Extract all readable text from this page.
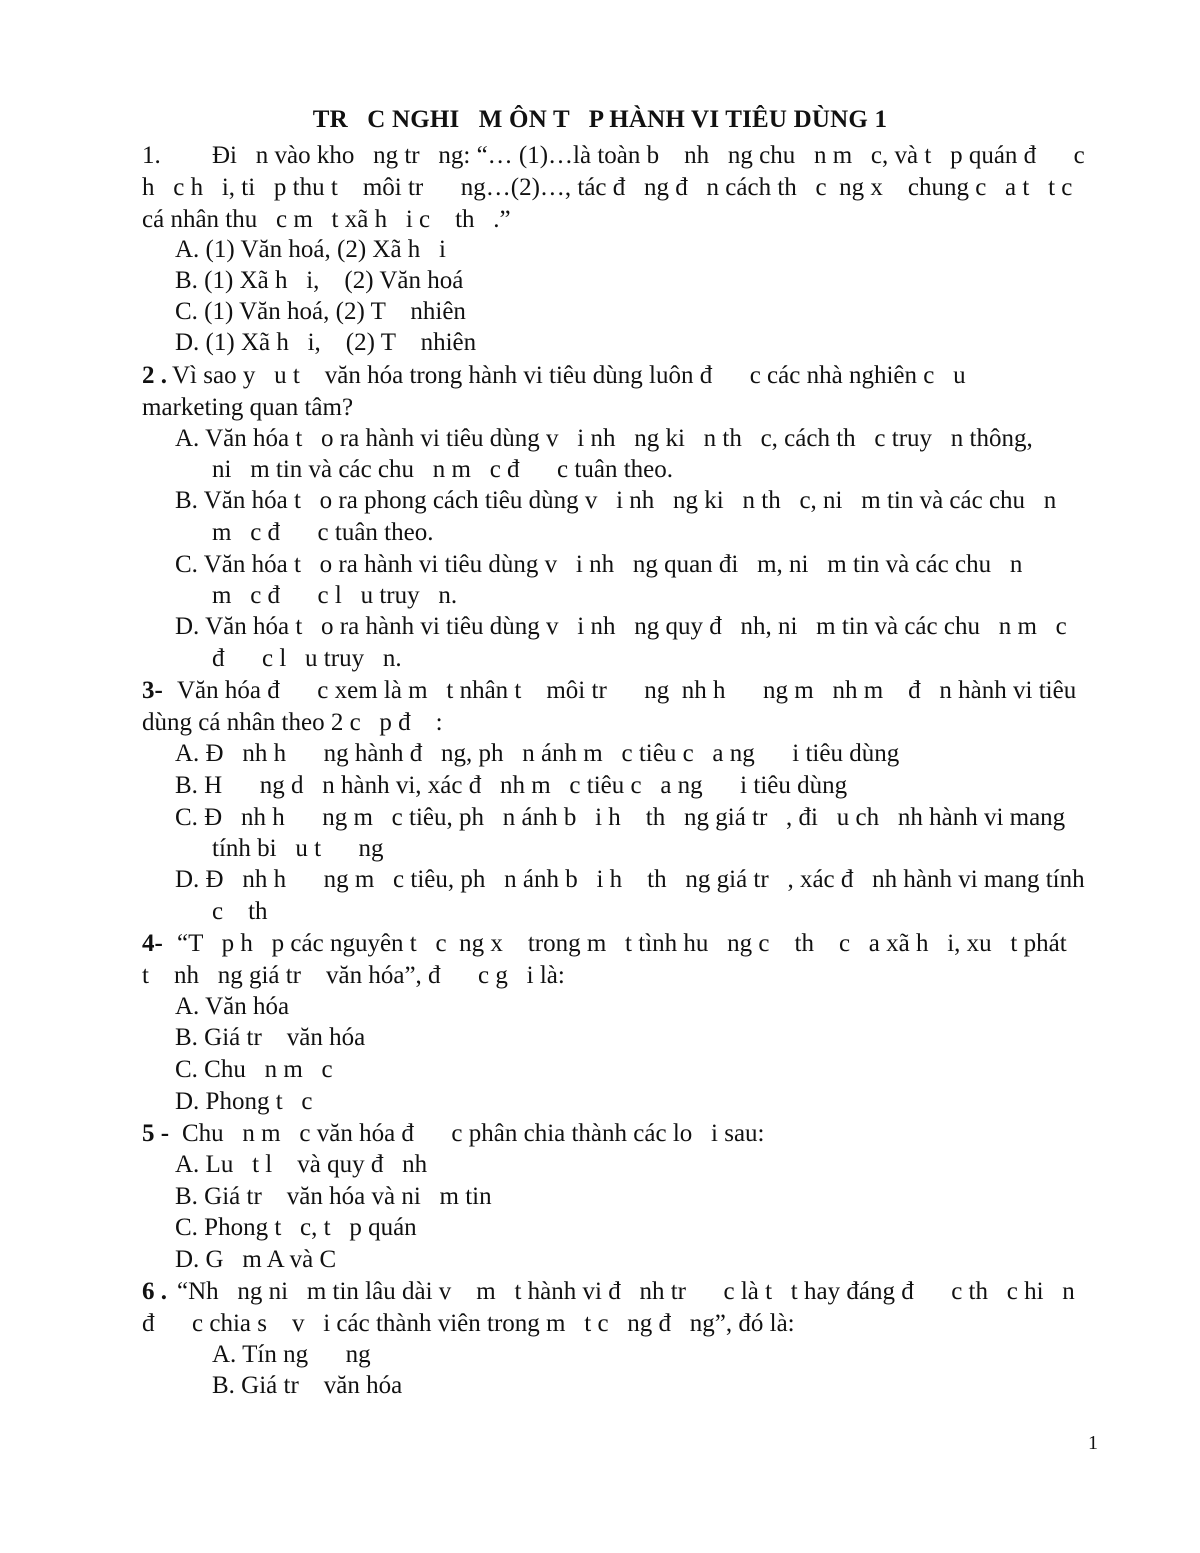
TR   C NGHI   M ÔN T   P HÀNH VI TIÊU DÙNG 1
1. Đi   n vào kho   ng tr   ng: “… (1)…là toàn b    nh   ng chu   n m   c, và t   p quán đ      c
h   c h   i, ti   p thu t    môi tr      ng…(2)…, tác đ   ng đ   n cách th   c  ng x    chung c   a t   t c
cá nhân thu   c m   t xã h   i c    th   .”
A. (1) Văn hoá, (2) Xã h   i
B. (1) Xã h   i,    (2) Văn hoá
C. (1) Văn hoá, (2) T    nhiên
D. (1) Xã h   i,    (2) T    nhiên
2 . Vì sao y   u t    văn hóa trong hành vi tiêu dùng luôn đ      c các nhà nghiên c   u
marketing quan tâm?
A. Văn hóa t   o ra hành vi tiêu dùng v   i nh   ng ki   n th   c, cách th   c truy   n thông,
ni   m tin và các chu   n m   c đ      c tuân theo.
B. Văn hóa t   o ra phong cách tiêu dùng v   i nh   ng ki   n th   c, ni   m tin và các chu   n
m   c đ      c tuân theo.
C. Văn hóa t   o ra hành vi tiêu dùng v   i nh   ng quan đi   m, ni   m tin và các chu   n
m   c đ      c l   u truy   n.
D. Văn hóa t   o ra hành vi tiêu dùng v   i nh   ng quy đ   nh, ni   m tin và các chu   n m   c
đ      c l   u truy   n.
3- Văn hóa đ      c xem là m   t nhân t    môi tr      ng  nh h      ng m   nh m    đ   n hành vi tiêu
dùng cá nhân theo 2 c   p đ    :
A. Đ   nh h      ng hành đ   ng, ph   n ánh m   c tiêu c   a ng      i tiêu dùng
B. H      ng d   n hành vi, xác đ   nh m   c tiêu c   a ng      i tiêu dùng
C. Đ   nh h      ng m   c tiêu, ph   n ánh b   i h    th   ng giá tr   , đi   u ch   nh hành vi mang
tính bi   u t      ng
D. Đ   nh h      ng m   c tiêu, ph   n ánh b   i h    th   ng giá tr   , xác đ   nh hành vi mang tính
c    th
4- “T   p h   p các nguyên t   c  ng x    trong m   t tình hu   ng c    th    c   a xã h   i, xu   t phát
t    nh   ng giá tr    văn hóa”, đ      c g   i là:
A. Văn hóa
B. Giá tr    văn hóa
C. Chu   n m   c
D. Phong t   c
5 - Chu   n m   c văn hóa đ      c phân chia thành các lo   i sau:
A. Lu   t l    và quy đ   nh
B. Giá tr    văn hóa và ni   m tin
C. Phong t   c, t   p quán
D. G   m A và C
6 . “Nh   ng ni   m tin lâu dài v    m   t hành vi đ   nh tr      c là t   t hay đáng đ      c th   c hi   n
đ      c chia s    v   i các thành viên trong m   t c   ng đ   ng”, đó là:
A. Tín ng      ng
B. Giá tr    văn hóa
1
